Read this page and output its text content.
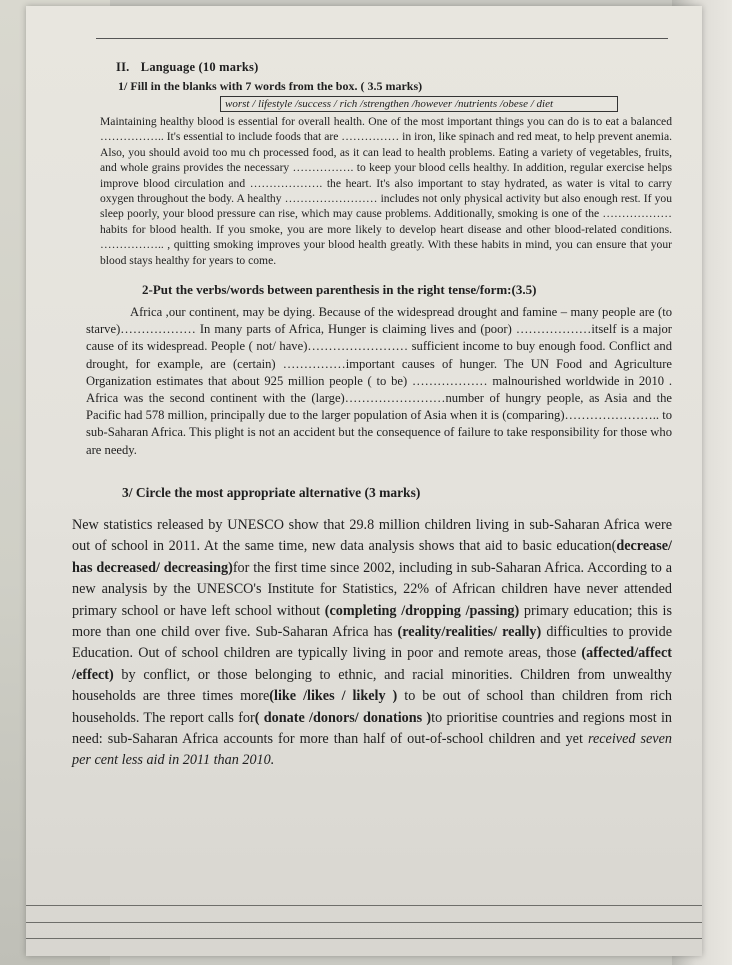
II. Language (10 marks)
1/ Fill in the blanks with 7 words from the box. ( 3.5 marks)
worst / lifestyle /success / rich /strengthen /however /nutrients /obese / diet

Maintaining healthy blood is essential for overall health. One of the most important things you can do is to eat a balanced …………….. It's essential to include foods that are …………… in iron, like spinach and red meat, to help prevent anemia. Also, you should avoid too mu ch processed food, as it can lead to health problems. Eating a variety of vegetables, fruits, and whole grains provides the necessary ……………. to keep your blood cells healthy. In addition, regular exercise helps improve blood circulation and ………………. the heart. It's also important to stay hydrated, as water is vital to carry oxygen throughout the body. A healthy …………………… includes not only physical activity but also enough rest. If you sleep poorly, your blood pressure can rise, which may cause problems. Additionally, smoking is one of the ……………… habits for blood health. If you smoke, you are more likely to develop heart disease and other blood-related conditions. …………….. , quitting smoking improves your blood health greatly. With these habits in mind, you can ensure that your blood stays healthy for years to come.

2-Put the verbs/words between parenthesis in the right tense/form:(3.5)

Africa ,our continent, may be dying. Because of the widespread drought and famine – many people are (to starve)……………… In many parts of Africa, Hunger is claiming lives and (poor) ………………itself is a major cause of its widespread. People ( not/ have)…………………… sufficient income to buy enough food. Conflict and drought, for example, are (certain) ……………important causes of hunger. The UN Food and Agriculture Organization estimates that about 925 million people ( to be) ……………… malnourished worldwide in 2010 . Africa was the second continent with the (large)……………………number of hungry people, as Asia and the Pacific had 578 million, principally due to the larger population of Asia when it is (comparing)………………….. to sub-Saharan Africa. This plight is not an accident but the consequence of failure to take responsibility for those who are needy.

3/ Circle the most appropriate alternative (3 marks)

New statistics released by UNESCO show that 29.8 million children living in sub-Saharan Africa were out of school in 2011. At the same time, new data analysis shows that aid to basic education(decrease/ has decreased/ decreasing)for the first time since 2002, including in sub-Saharan Africa. According to a new analysis by the UNESCO's Institute for Statistics, 22% of African children have never attended primary school or have left school without (completing /dropping /passing) primary education; this is more than one child over five. Sub-Saharan Africa has (reality/realities/ really) difficulties to provide Education. Out of school children are typically living in poor and remote areas, those (affected/affect /effect) by conflict, or those belonging to ethnic, and racial minorities. Children from unwealthy households are three times more(like /likes / likely ) to be out of school than children from rich households. The report calls for( donate /donors/ donations )to prioritise countries and regions most in need: sub-Saharan Africa accounts for more than half of out-of-school children and yet received seven per cent less aid in 2011 than 2010.
